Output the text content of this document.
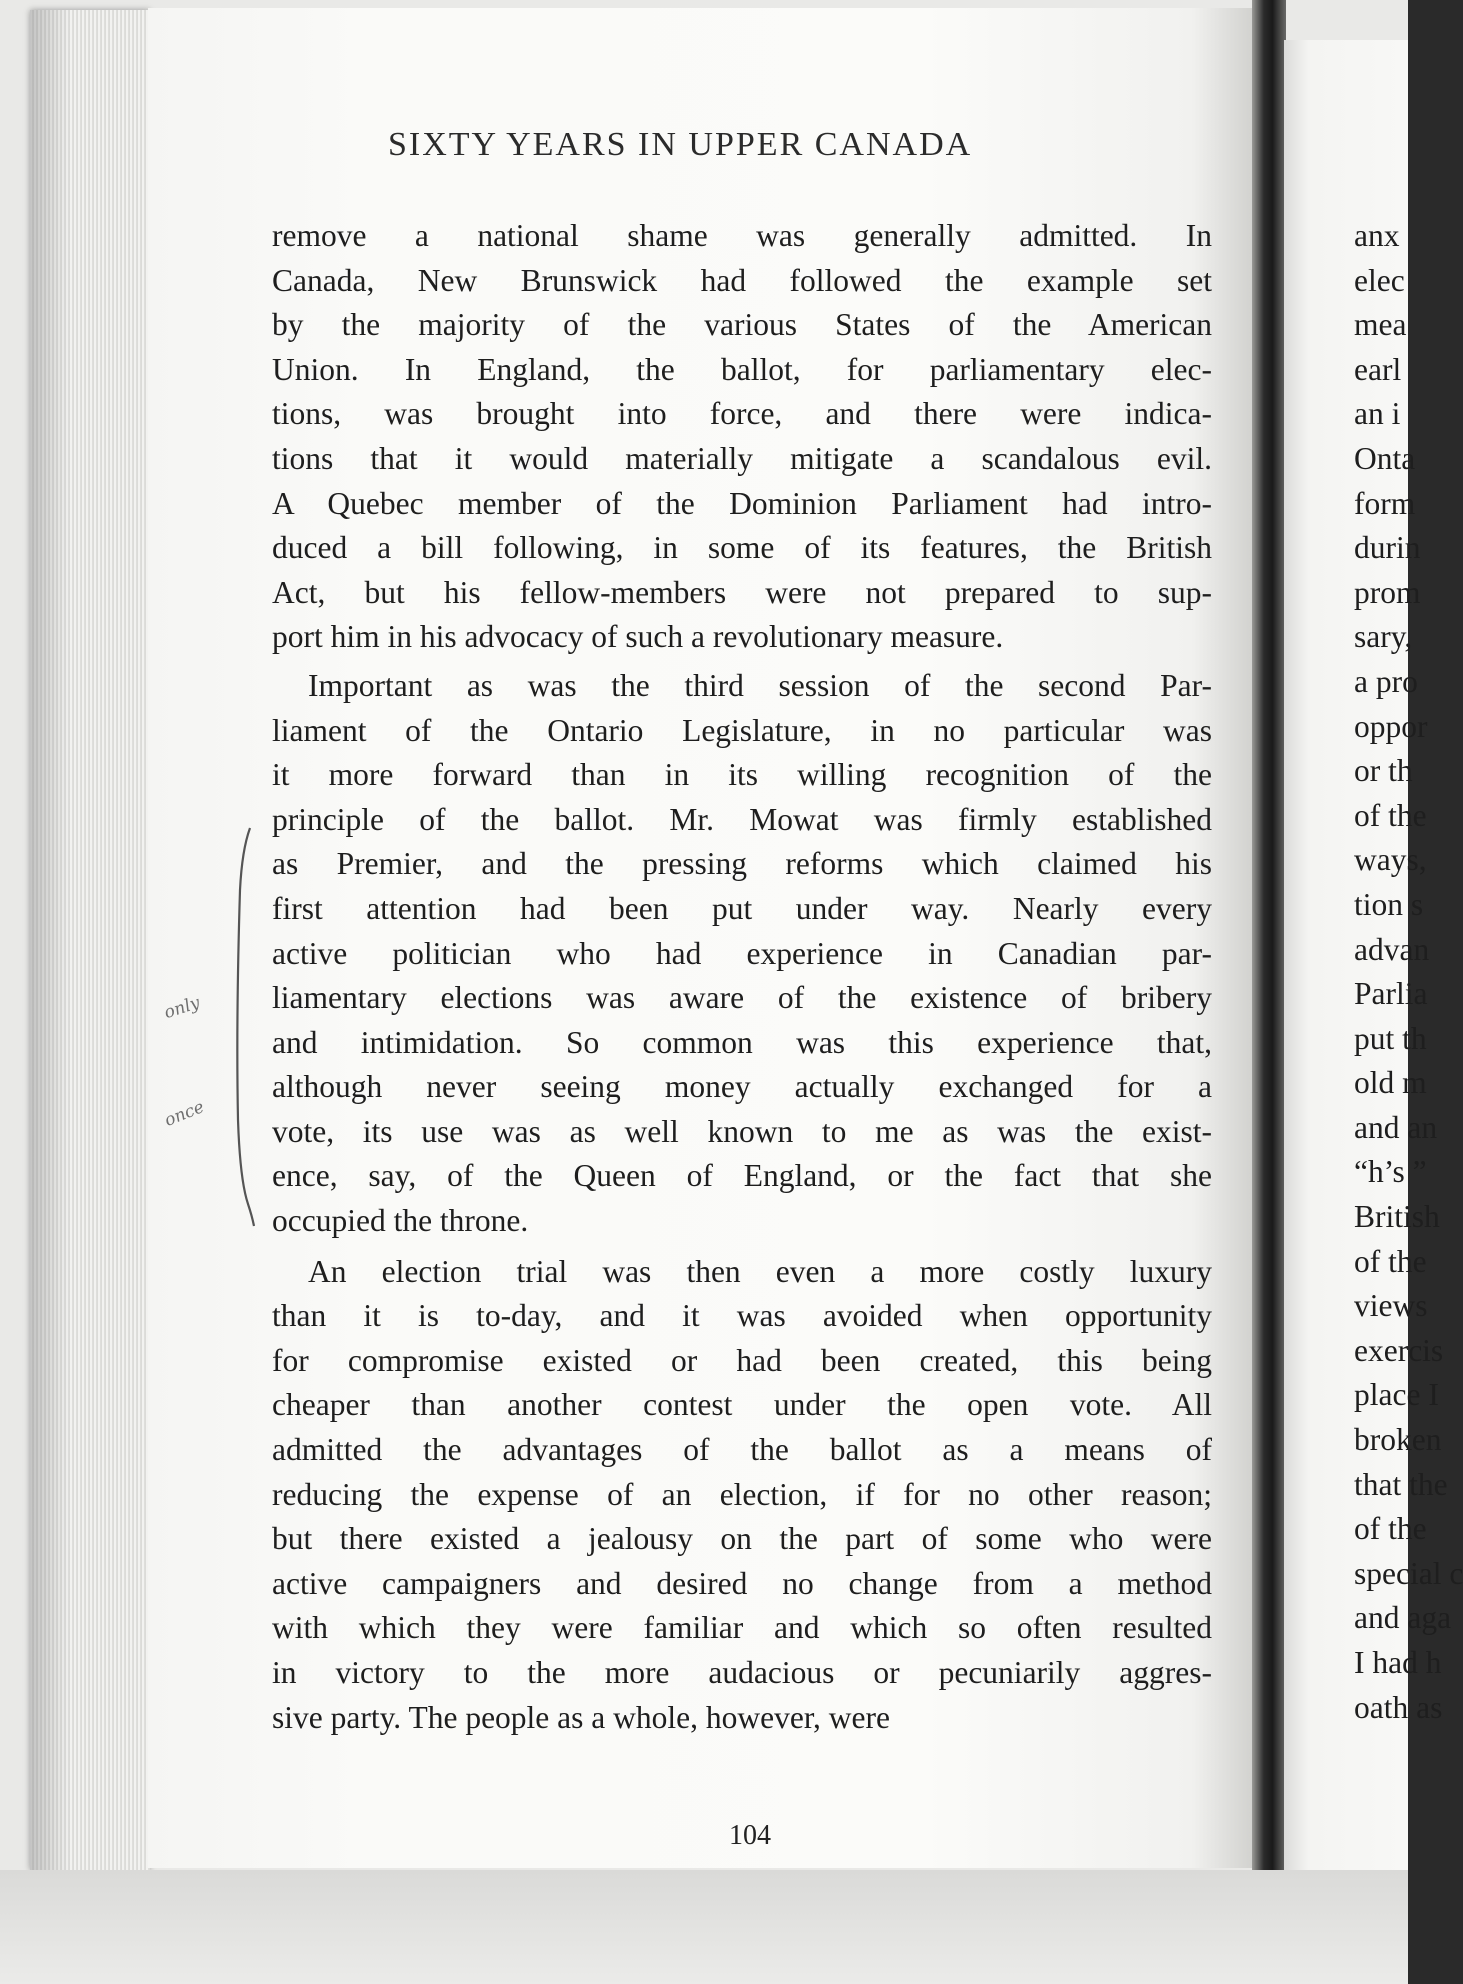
SIXTY YEARS IN UPPER CANADA
remove a national shame was generally admitted. In
Canada, New Brunswick had followed the example set
by the majority of the various States of the American
Union. In England, the ballot, for parliamentary elec-
tions, was brought into force, and there were indica-
tions that it would materially mitigate a scandalous evil.
A Quebec member of the Dominion Parliament had intro-
duced a bill following, in some of its features, the British
Act, but his fellow-members were not prepared to sup-
port him in his advocacy of such a revolutionary measure.
Important as was the third session of the second Par-
liament of the Ontario Legislature, in no particular was
it more forward than in its willing recognition of the
principle of the ballot. Mr. Mowat was firmly established
as Premier, and the pressing reforms which claimed his
first attention had been put under way. Nearly every
active politician who had experience in Canadian par-
liamentary elections was aware of the existence of bribery
and intimidation. So common was this experience that,
although never seeing money actually exchanged for a
vote, its use was as well known to me as was the exist-
ence, say, of the Queen of England, or the fact that she
occupied the throne.
An election trial was then even a more costly luxury
than it is to-day, and it was avoided when opportunity
for compromise existed or had been created, this being
cheaper than another contest under the open vote. All
admitted the advantages of the ballot as a means of
reducing the expense of an election, if for no other reason;
but there existed a jealousy on the part of some who were
active campaigners and desired no change from a method
with which they were familiar and which so often resulted
in victory to the more audacious or pecuniarily aggres-
sive party. The people as a whole, however, were
only
once
104
anx
elec
mea
earl
an i
Onta
form
durin
prom
sary,
a pro
oppor
or th
of the
ways,
tion s
advan
Parlia
put th
old m
and an
“h’s ”
British
of the
views
exercis
place I
broken
that the
of the
special c
and aga
I had h
oath as
